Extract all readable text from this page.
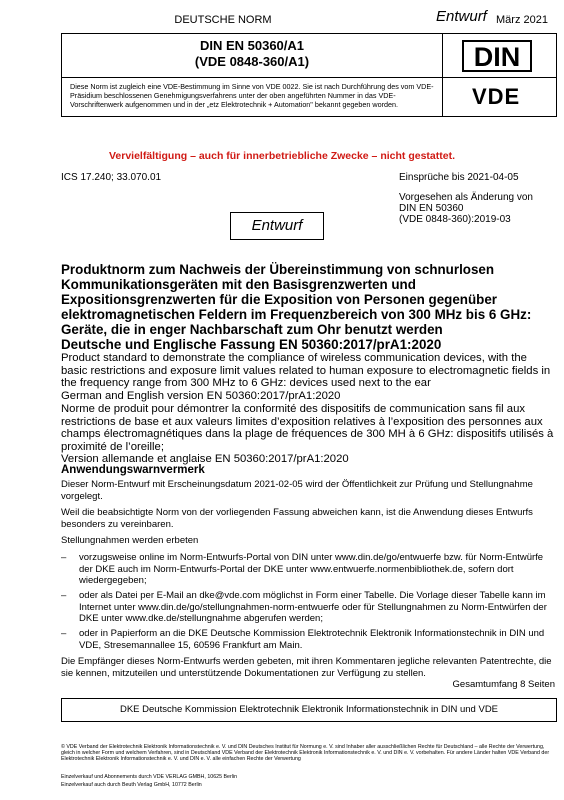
DEUTSCHE NORM	Entwurf März 2021
DIN EN 50360/A1
(VDE 0848-360/A1)
Diese Norm ist zugleich eine VDE-Bestimmung im Sinne von VDE 0022. Sie ist nach Durchführung des vom VDE-Präsidium beschlossenen Genehmigungsverfahrens unter der oben angeführten Nummer in das VDE-Vorschriftenwerk aufgenommen und in der „etz Elektrotechnik + Automation" bekannt gegeben worden.
DIN
VDE
Vervielfältigung – auch für innerbetriebliche Zwecke – nicht gestattet.
ICS 17.240; 33.070.01	Einsprüche bis 2021-04-05
Vorgesehen als Änderung von
DIN EN 50360
(VDE 0848-360):2019-03
Entwurf
Produktnorm zum Nachweis der Übereinstimmung von schnurlosen Kommunikationsgeräten mit den Basisgrenzwerten und Expositionsgrenzwerten für die Exposition von Personen gegenüber elektromagnetischen Feldern im Frequenzbereich von 300 MHz bis 6 GHz: Geräte, die in enger Nachbarschaft zum Ohr benutzt werden
Deutsche und Englische Fassung EN 50360:2017/prA1:2020
Product standard to demonstrate the compliance of wireless communication devices, with the basic restrictions and exposure limit values related to human exposure to electromagnetic fields in the frequency range from 300 MHz to 6 GHz: devices used next to the ear
German and English version EN 50360:2017/prA1:2020
Norme de produit pour démontrer la conformité des dispositifs de communication sans fil aux restrictions de base et aux valeurs limites d’exposition relatives à l’exposition des personnes aux champs électromagnétiques dans la plage de fréquences de 300 MH à 6 GHz: dispositifs utilisés à proximité de l’oreille;
Version allemande et anglaise EN 50360:2017/prA1:2020
Anwendungswarnvermerk
Dieser Norm-Entwurf mit Erscheinungsdatum 2021-02-05 wird der Öffentlichkeit zur Prüfung und Stellungnahme vorgelegt.
Weil die beabsichtigte Norm von der vorliegenden Fassung abweichen kann, ist die Anwendung dieses Entwurfs besonders zu vereinbaren.
Stellungnahmen werden erbeten
– vorzugsweise online im Norm-Entwurfs-Portal von DIN unter www.din.de/go/entwuerfe bzw. für Norm-Entwürfe der DKE auch im Norm-Entwurfs-Portal der DKE unter www.entwuerfe.normenbibliothek.de, sofern dort wiedergegeben;
– oder als Datei per E-Mail an dke@vde.com möglichst in Form einer Tabelle. Die Vorlage dieser Tabelle kann im Internet unter www.din.de/go/stellungnahmen-norm-entwuerfe oder für Stellungnahmen zu Norm-Entwürfen der DKE unter www.dke.de/stellungnahme abgerufen werden;
– oder in Papierform an die DKE Deutsche Kommission Elektrotechnik Elektronik Informationstechnik in DIN und VDE, Stresemannallee 15, 60596 Frankfurt am Main.
Die Empfänger dieses Norm-Entwurfs werden gebeten, mit ihren Kommentaren jegliche relevanten Patentrechte, die sie kennen, mitzuteilen und unterstützende Dokumentationen zur Verfügung zu stellen.
Gesamtumfang 8 Seiten
DKE Deutsche Kommission Elektrotechnik Elektronik Informationstechnik in DIN und VDE
© VDE Verband der Elektrotechnik Elektronik Informationstechnik e. V. und DIN Deutsches Institut für Normung e. V. sind Inhaber aller ausschließlichen Rechte für Deutschland – alle Rechte der Verwertung, gleich in welcher Form und welchem Verfahren, sind in Deutschland VDE Verband der Elektrotechnik Elektronik Informationstechnik e. V. und DIN e. V. vorbehalten. Für andere Länder halten VDE Verband der Elektrotechnik Elektronik Informationstechnik e. V. und DIN e. V. alle einfachen Rechte der Verwertung
Einzelverkauf und Abonnements durch VDE VERLAG GMBH, 10625 Berlin
Einzelverkauf auch durch Beuth Verlag GmbH, 10772 Berlin
